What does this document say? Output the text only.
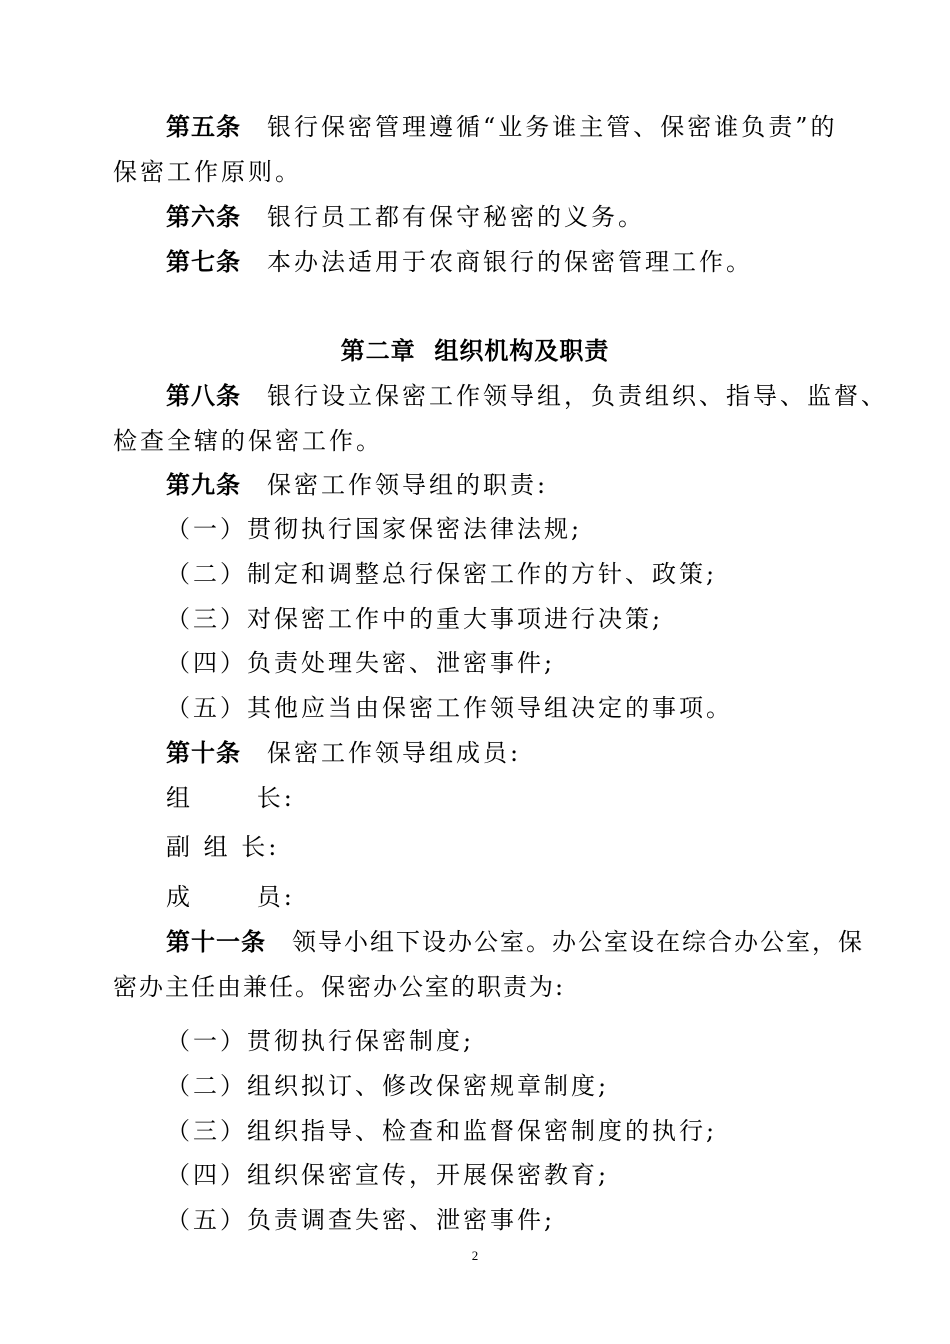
第五条 银行保密管理遵循“业务谁主管、保密谁负责”的
保密工作原则。
第六条 银行员工都有保守秘密的义务。
第七条 本办法适用于农商银行的保密管理工作。
第二章  组织机构及职责
第八条 银行设立保密工作领导组，负责组织、指导、监督、
检查全辖的保密工作。
第九条 保密工作领导组的职责:
（一）贯彻执行国家保密法律法规;
（二）制定和调整总行保密工作的方针、政策;
（三）对保密工作中的重大事项进行决策;
（四）负责处理失密、泄密事件;
（五）其他应当由保密工作领导组决定的事项。
第十条 保密工作领导组成员:
组      长:
副 组 长:
成      员:
第十一条 领导小组下设办公室。办公室设在综合办公室，保
密办主任由兼任。保密办公室的职责为:
（一）贯彻执行保密制度;
（二）组织拟订、修改保密规章制度;
（三）组织指导、检查和监督保密制度的执行;
（四）组织保密宣传，开展保密教育;
（五）负责调查失密、泄密事件;
2
